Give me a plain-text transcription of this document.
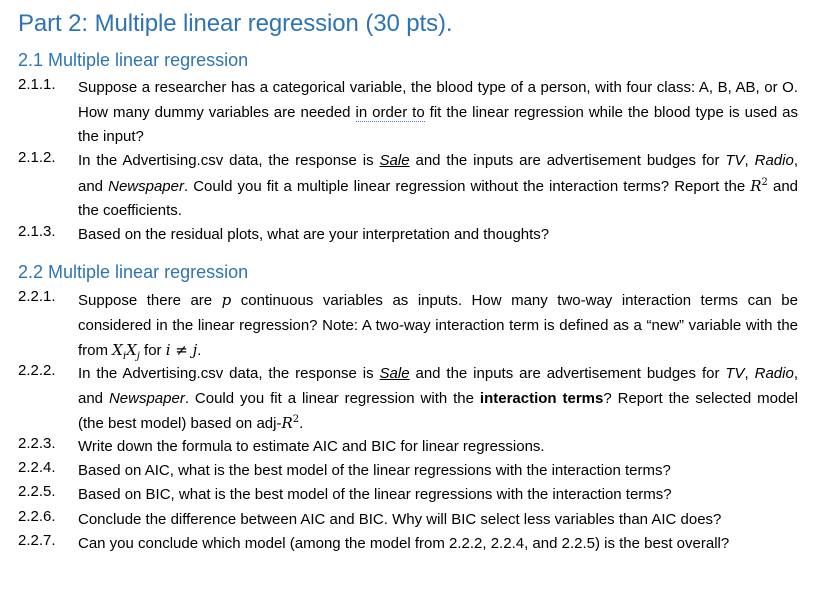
Part 2: Multiple linear regression (30 pts).
2.1 Multiple linear regression
2.1.1. Suppose a researcher has a categorical variable, the blood type of a person, with four class: A, B, AB, or O. How many dummy variables are needed in order to fit the linear regression while the blood type is used as the input?
2.1.2. In the Advertising.csv data, the response is Sale and the inputs are advertisement budges for TV, Radio, and Newspaper. Could you fit a multiple linear regression without the interaction terms? Report the $R^2$ and the coefficients.
2.1.3. Based on the residual plots, what are your interpretation and thoughts?
2.2 Multiple linear regression
2.2.1. Suppose there are p continuous variables as inputs. How many two-way interaction terms can be considered in the linear regression? Note: A two-way interaction term is defined as a “new” variable with the from $X_iX_j$ for i ≠ j.
2.2.2. In the Advertising.csv data, the response is Sale and the inputs are advertisement budges for TV, Radio, and Newspaper. Could you fit a linear regression with the interaction terms? Report the selected model (the best model) based on adj-$R^2$.
2.2.3. Write down the formula to estimate AIC and BIC for linear regressions.
2.2.4. Based on AIC, what is the best model of the linear regressions with the interaction terms?
2.2.5. Based on BIC, what is the best model of the linear regressions with the interaction terms?
2.2.6. Conclude the difference between AIC and BIC. Why will BIC select less variables than AIC does?
2.2.7. Can you conclude which model (among the model from 2.2.2, 2.2.4, and 2.2.5) is the best overall?
